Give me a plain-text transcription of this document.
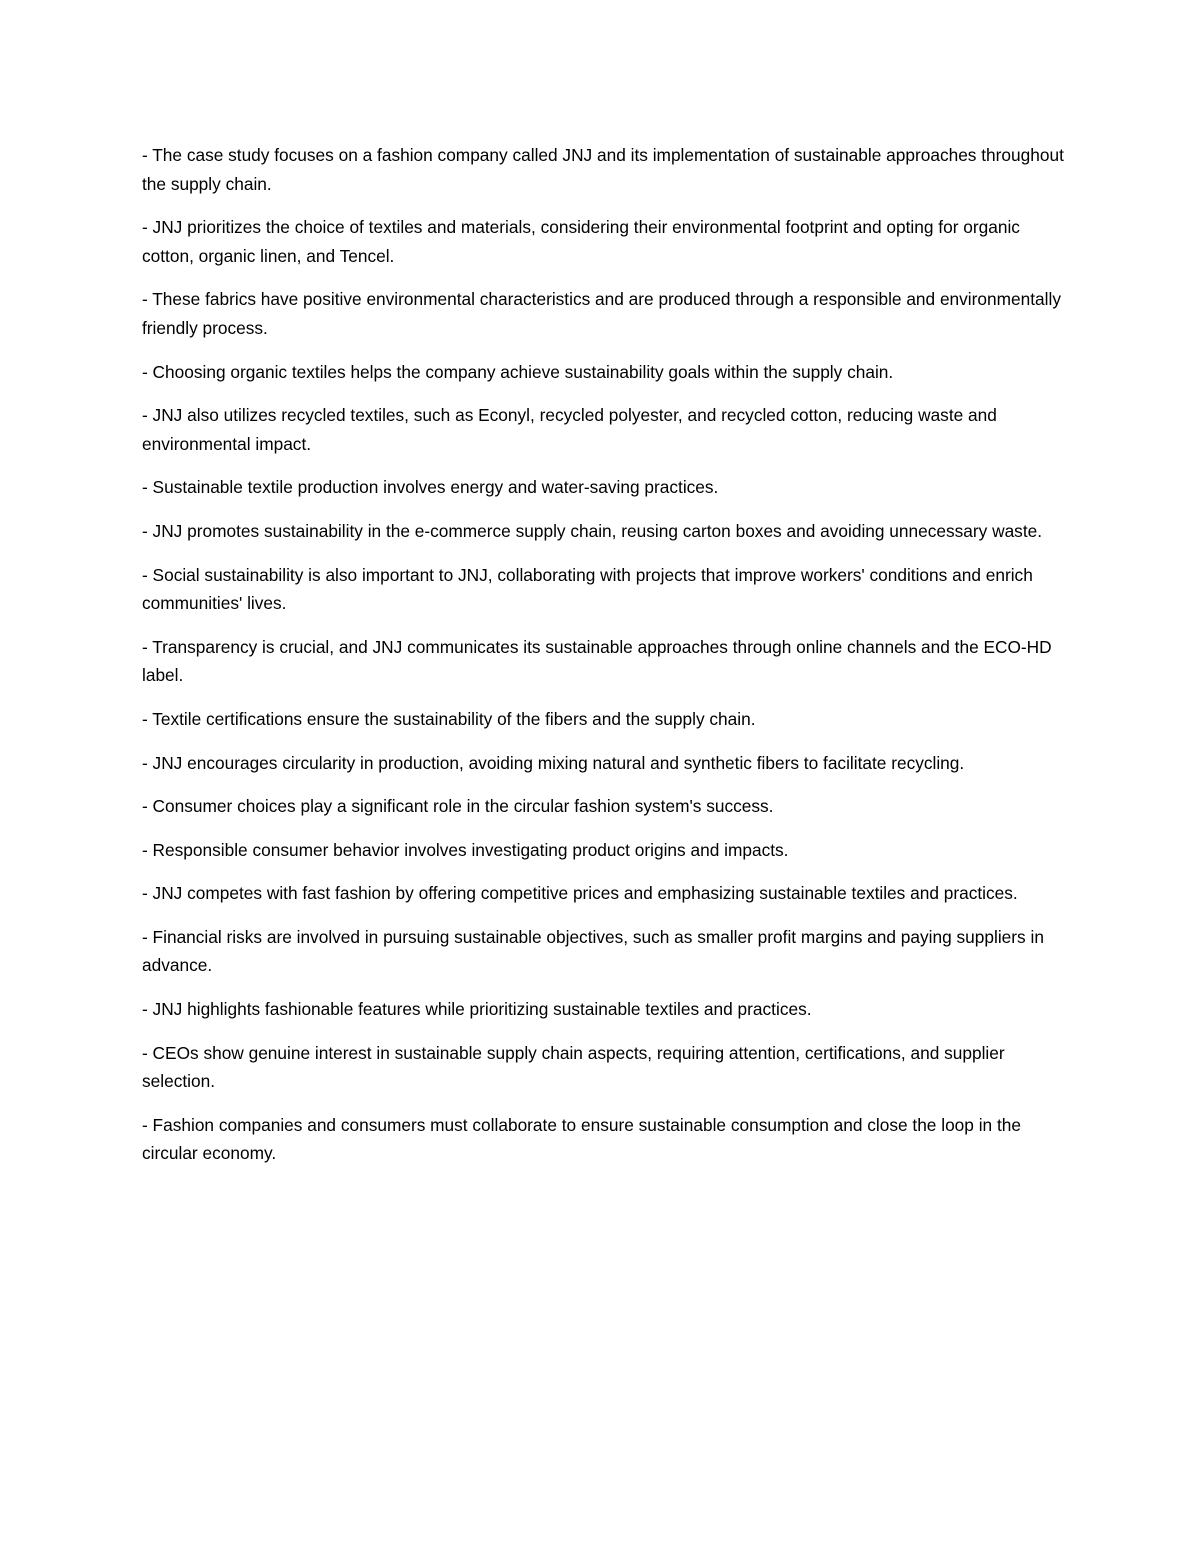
- The case study focuses on a fashion company called JNJ and its implementation of sustainable approaches throughout the supply chain.

- JNJ prioritizes the choice of textiles and materials, considering their environmental footprint and opting for organic cotton, organic linen, and Tencel.

- These fabrics have positive environmental characteristics and are produced through a responsible and environmentally friendly process.

- Choosing organic textiles helps the company achieve sustainability goals within the supply chain.

- JNJ also utilizes recycled textiles, such as Econyl, recycled polyester, and recycled cotton, reducing waste and environmental impact.

- Sustainable textile production involves energy and water-saving practices.

- JNJ promotes sustainability in the e-commerce supply chain, reusing carton boxes and avoiding unnecessary waste.

- Social sustainability is also important to JNJ, collaborating with projects that improve workers' conditions and enrich communities' lives.

- Transparency is crucial, and JNJ communicates its sustainable approaches through online channels and the ECO-HD label.

- Textile certifications ensure the sustainability of the fibers and the supply chain.

- JNJ encourages circularity in production, avoiding mixing natural and synthetic fibers to facilitate recycling.

- Consumer choices play a significant role in the circular fashion system's success.

- Responsible consumer behavior involves investigating product origins and impacts.

- JNJ competes with fast fashion by offering competitive prices and emphasizing sustainable textiles and practices.

- Financial risks are involved in pursuing sustainable objectives, such as smaller profit margins and paying suppliers in advance.

- JNJ highlights fashionable features while prioritizing sustainable textiles and practices.

- CEOs show genuine interest in sustainable supply chain aspects, requiring attention, certifications, and supplier selection.

- Fashion companies and consumers must collaborate to ensure sustainable consumption and close the loop in the circular economy.
